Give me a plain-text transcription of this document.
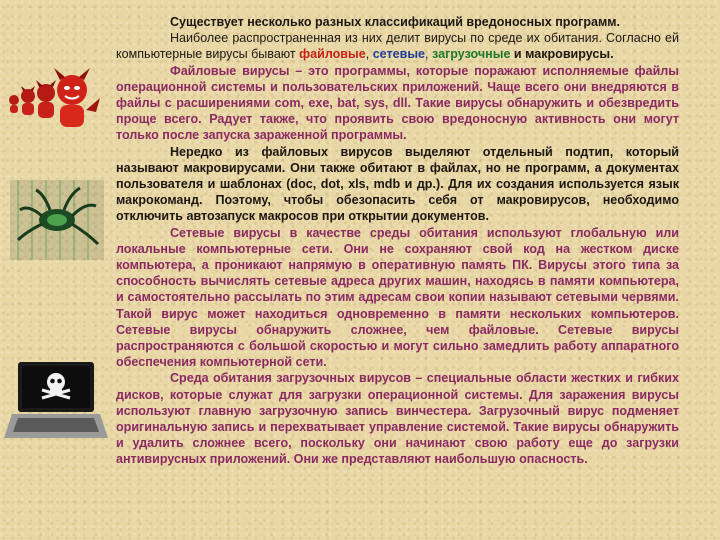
Существует несколько разных классификаций вредоносных программ.

Наиболее распространенная из них делит вирусы по среде их обитания. Согласно ей компьютерные вирусы бывают файловые, сетевые, загрузочные и макровирусы.

Файловые вирусы – это программы, которые поражают исполняемые файлы операционной системы и пользовательских приложений. Чаще всего они внедряются в файлы с расширениями com, exe, bat, sys, dll. Такие вирусы обнаружить и обезвредить проще всего. Радует также, что проявить свою вредоносную активность они могут только после запуска зараженной программы.

Нередко из файловых вирусов выделяют отдельный подтип, который называют макровирусами. Они также обитают в файлах, но не программ, а документах пользователя и шаблонах (doc, dot, xls, mdb и др.). Для их создания используется язык макрокоманд. Поэтому, чтобы обезопасить себя от макровирусов, необходимо отключить автозапуск макросов при открытии документов.

Сетевые вирусы в качестве среды обитания используют глобальную или локальные компьютерные сети. Они не сохраняют свой код на жестком диске компьютера, а проникают напрямую в оперативную память ПК. Вирусы этого типа за способность вычислять сетевые адреса других машин, находясь в памяти компьютера, и самостоятельно рассылать по этим адресам свои копии называют сетевыми червями. Такой вирус может находиться одновременно в памяти нескольких компьютеров. Сетевые вирусы обнаружить сложнее, чем файловые. Сетевые вирусы распространяются с большой скоростью и могут сильно замедлить работу аппаратного обеспечения компьютерной сети.

Среда обитания загрузочных вирусов – специальные области жестких и гибких дисков, которые служат для загрузки операционной системы. Для заражения вирусы используют главную загрузочную запись винчестера. Загрузочный вирус подменяет оригинальную запись и перехватывает управление системой. Такие вирусы обнаружить и удалить сложнее всего, поскольку они начинают свою работу еще до загрузки антивирусных приложений. Они же представляют наибольшую опасность.
